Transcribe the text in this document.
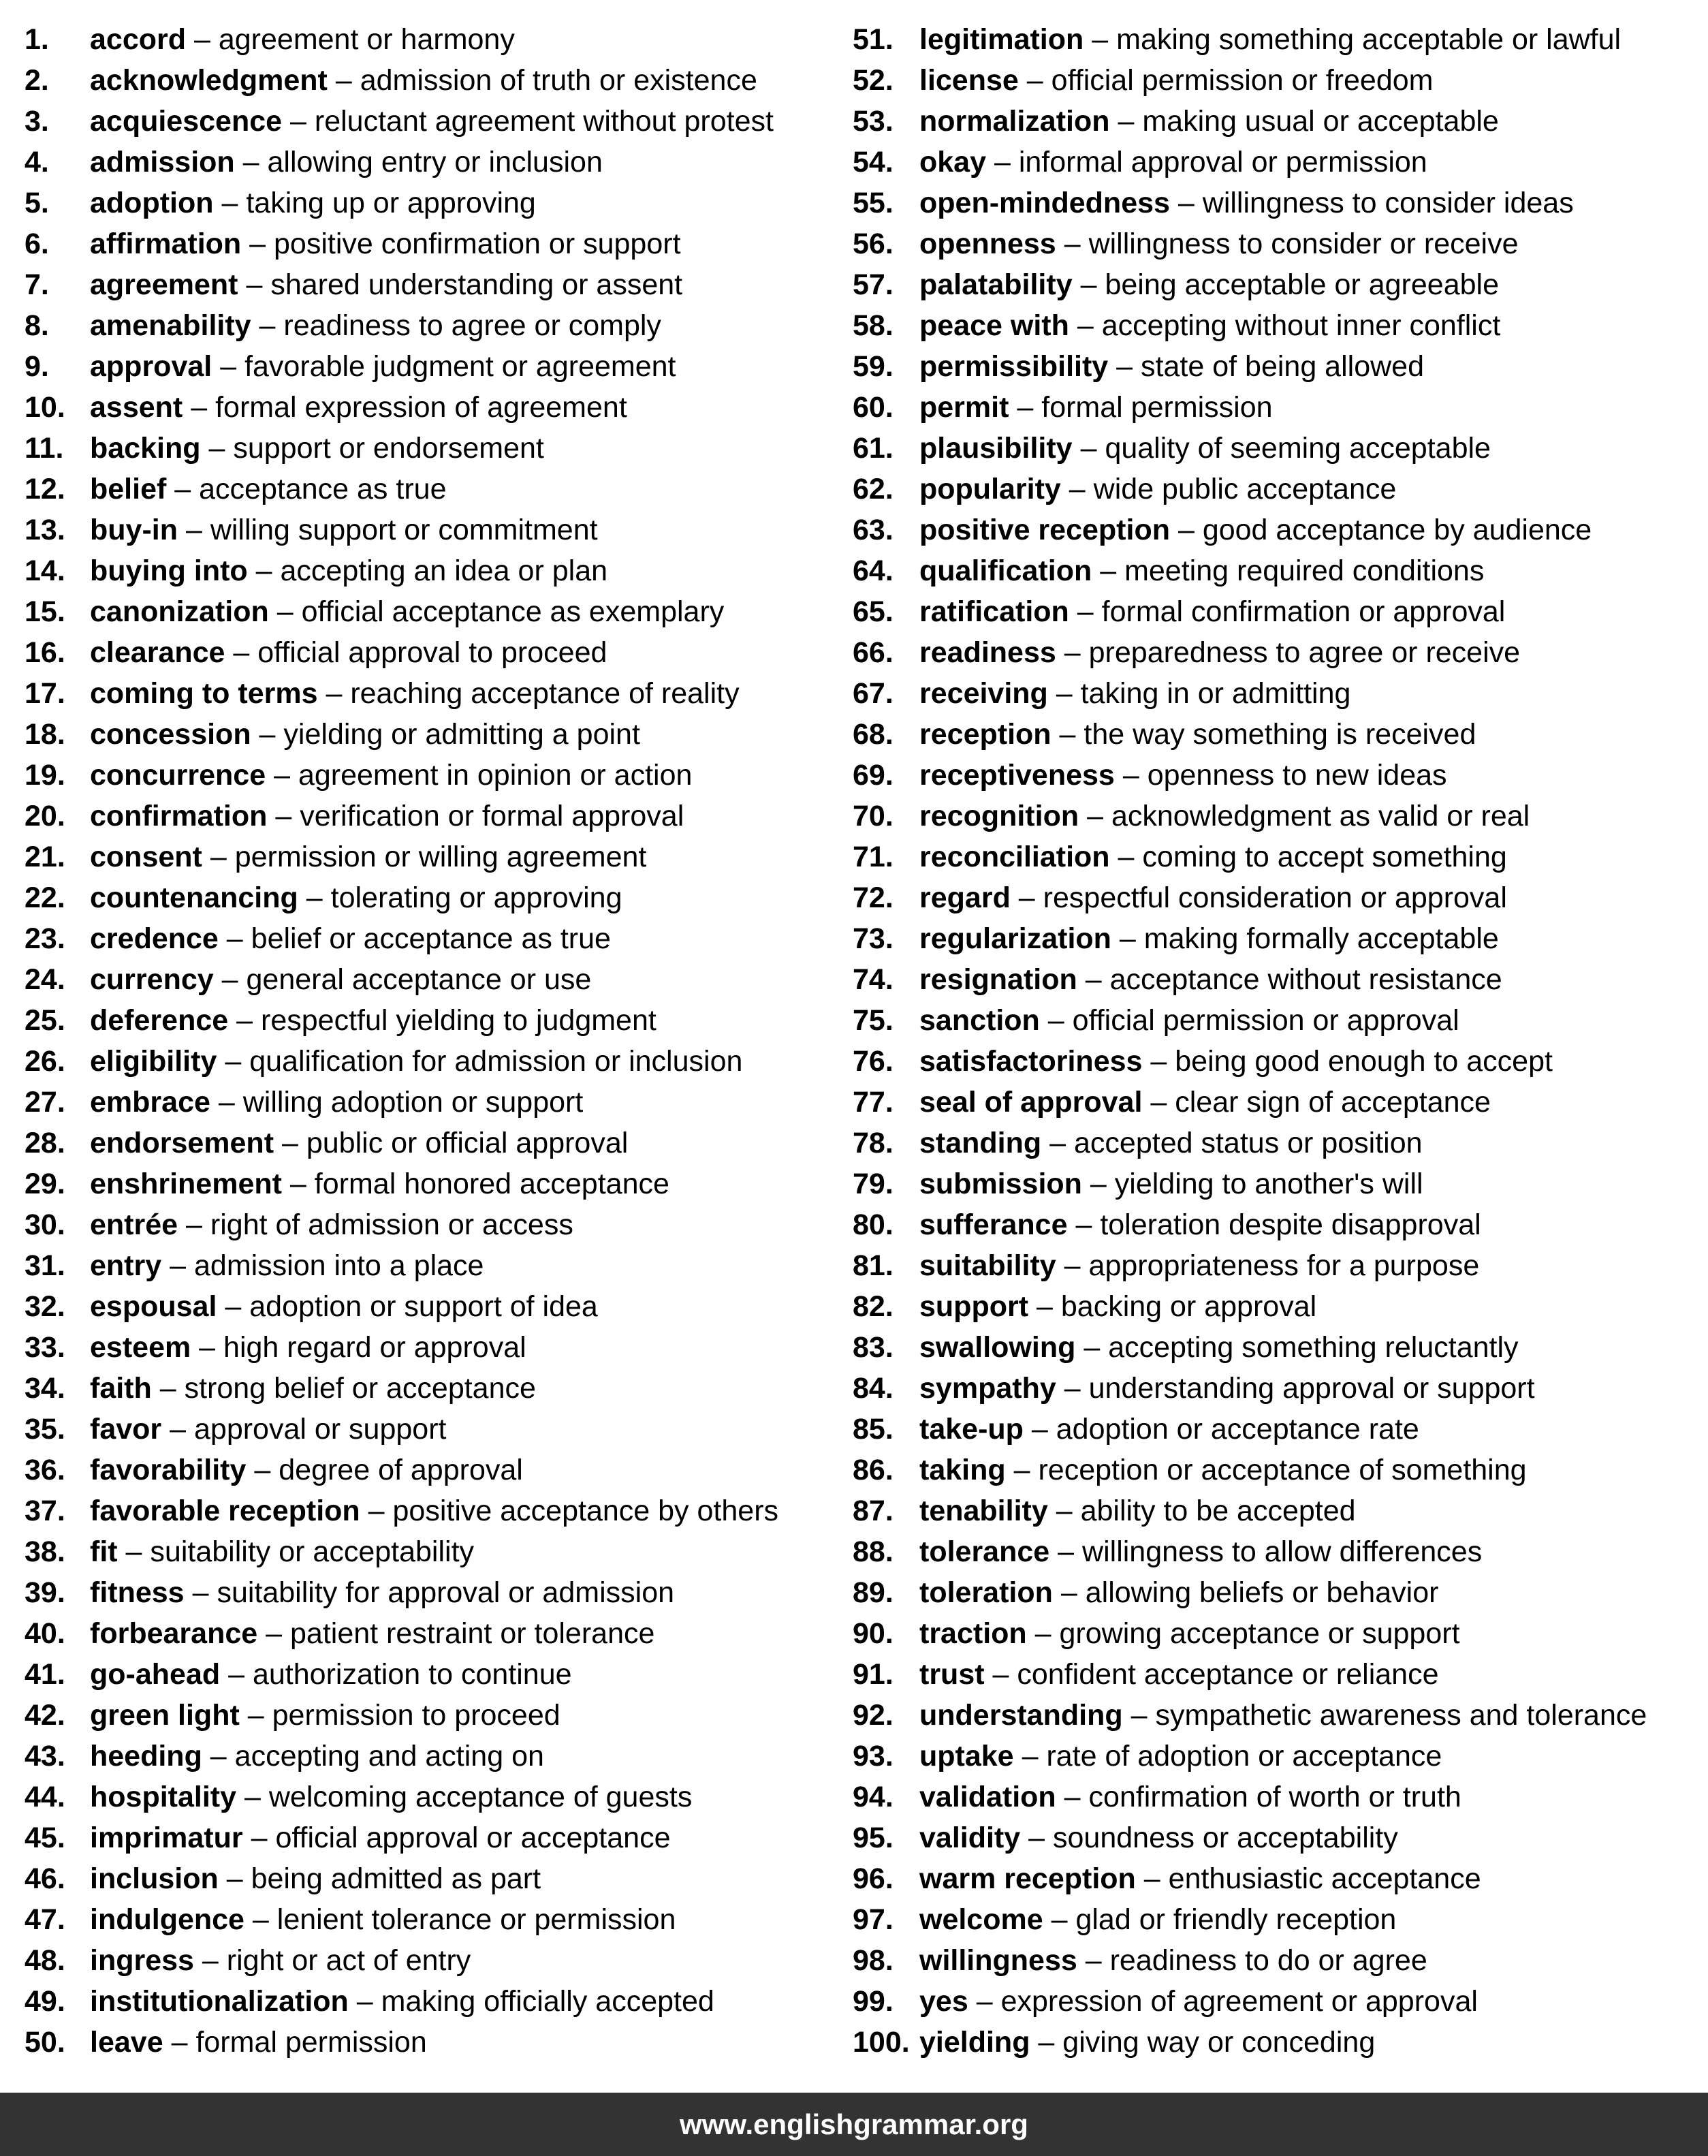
1. accord – agreement or harmony
2. acknowledgment – admission of truth or existence
3. acquiescence – reluctant agreement without protest
4. admission – allowing entry or inclusion
5. adoption – taking up or approving
6. affirmation – positive confirmation or support
7. agreement – shared understanding or assent
8. amenability – readiness to agree or comply
9. approval – favorable judgment or agreement
10. assent – formal expression of agreement
11. backing – support or endorsement
12. belief – acceptance as true
13. buy-in – willing support or commitment
14. buying into – accepting an idea or plan
15. canonization – official acceptance as exemplary
16. clearance – official approval to proceed
17. coming to terms – reaching acceptance of reality
18. concession – yielding or admitting a point
19. concurrence – agreement in opinion or action
20. confirmation – verification or formal approval
21. consent – permission or willing agreement
22. countenancing – tolerating or approving
23. credence – belief or acceptance as true
24. currency – general acceptance or use
25. deference – respectful yielding to judgment
26. eligibility – qualification for admission or inclusion
27. embrace – willing adoption or support
28. endorsement – public or official approval
29. enshrinement – formal honored acceptance
30. entrée – right of admission or access
31. entry – admission into a place
32. espousal – adoption or support of idea
33. esteem – high regard or approval
34. faith – strong belief or acceptance
35. favor – approval or support
36. favorability – degree of approval
37. favorable reception – positive acceptance by others
38. fit – suitability or acceptability
39. fitness – suitability for approval or admission
40. forbearance – patient restraint or tolerance
41. go-ahead – authorization to continue
42. green light – permission to proceed
43. heeding – accepting and acting on
44. hospitality – welcoming acceptance of guests
45. imprimatur – official approval or acceptance
46. inclusion – being admitted as part
47. indulgence – lenient tolerance or permission
48. ingress – right or act of entry
49. institutionalization – making officially accepted
50. leave – formal permission
51. legitimation – making something acceptable or lawful
52. license – official permission or freedom
53. normalization – making usual or acceptable
54. okay – informal approval or permission
55. open-mindedness – willingness to consider ideas
56. openness – willingness to consider or receive
57. palatability – being acceptable or agreeable
58. peace with – accepting without inner conflict
59. permissibility – state of being allowed
60. permit – formal permission
61. plausibility – quality of seeming acceptable
62. popularity – wide public acceptance
63. positive reception – good acceptance by audience
64. qualification – meeting required conditions
65. ratification – formal confirmation or approval
66. readiness – preparedness to agree or receive
67. receiving – taking in or admitting
68. reception – the way something is received
69. receptiveness – openness to new ideas
70. recognition – acknowledgment as valid or real
71. reconciliation – coming to accept something
72. regard – respectful consideration or approval
73. regularization – making formally acceptable
74. resignation – acceptance without resistance
75. sanction – official permission or approval
76. satisfactoriness – being good enough to accept
77. seal of approval – clear sign of acceptance
78. standing – accepted status or position
79. submission – yielding to another's will
80. sufferance – toleration despite disapproval
81. suitability – appropriateness for a purpose
82. support – backing or approval
83. swallowing – accepting something reluctantly
84. sympathy – understanding approval or support
85. take-up – adoption or acceptance rate
86. taking – reception or acceptance of something
87. tenability – ability to be accepted
88. tolerance – willingness to allow differences
89. toleration – allowing beliefs or behavior
90. traction – growing acceptance or support
91. trust – confident acceptance or reliance
92. understanding – sympathetic awareness and tolerance
93. uptake – rate of adoption or acceptance
94. validation – confirmation of worth or truth
95. validity – soundness or acceptability
96. warm reception – enthusiastic acceptance
97. welcome – glad or friendly reception
98. willingness – readiness to do or agree
99. yes – expression of agreement or approval
100. yielding – giving way or conceding
www.englishgrammar.org
